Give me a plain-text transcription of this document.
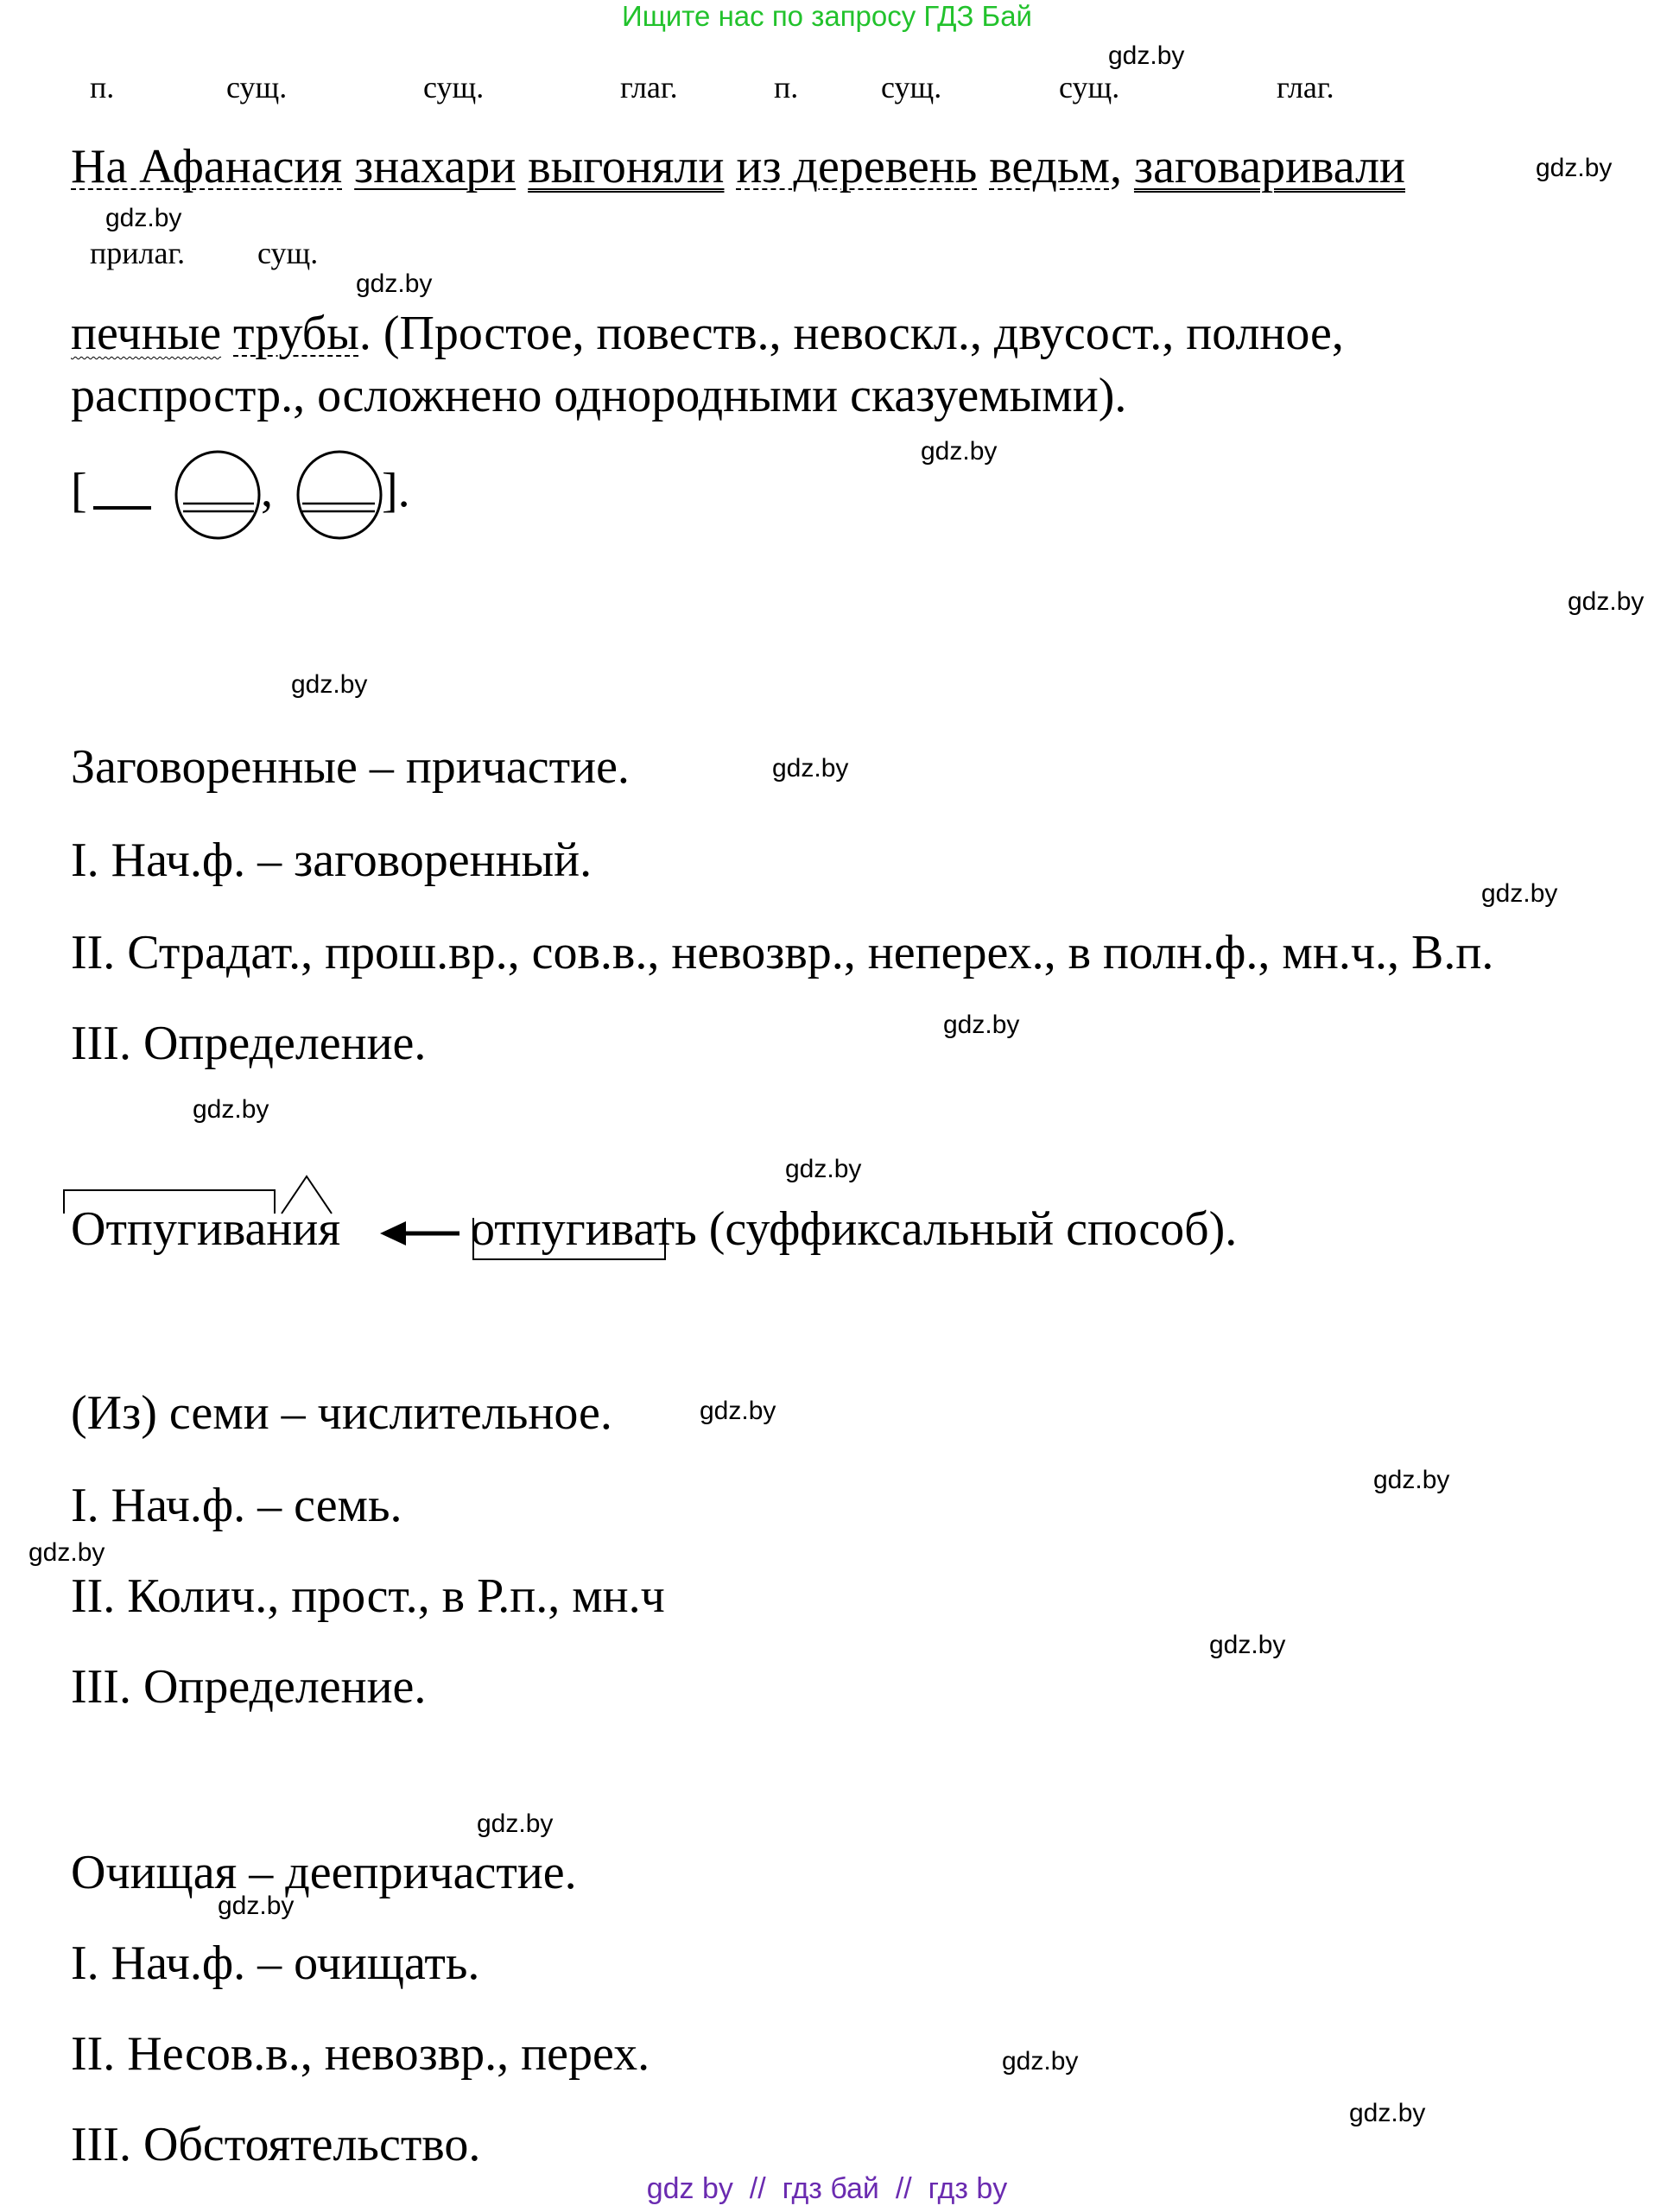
Ищите нас по запросу ГДЗ Бай
gdz.by
gdz.by
gdz.by
gdz.by
gdz.by
gdz.by
gdz.by
gdz.by
gdz.by
gdz.by
gdz.by
gdz.by
gdz.by
gdz.by
gdz.by
gdz.by
gdz.by
gdz.by
gdz.by
gdz.by
п.	сущ.	сущ.	глаг.	п.	сущ.	сущ.	глаг.
На Афанасия знахари выгоняли из деревень ведьм, заговаривали
прилаг. сущ.
печные трубы. (Простое, повеств., невоскл., двусост., полное,
распростр., осложнено однородными сказуемыми).
[	, ].
Заговоренные – причастие.
I. Нач.ф. – заговоренный.
II. Страдат., прош.вр., сов.в., невозвр., неперех., в полн.ф., мн.ч., В.п.
III. Определение.
Отпугивания	отпугивать (суффиксальный способ).
(Из) семи – числительное.
I. Нач.ф. – семь.
II. Колич., прост., в Р.п., мн.ч
III. Определение.
Очищая – деепричастие.
I. Нач.ф. – очищать.
II. Несов.в., невозвр., перех.
III. Обстоятельство.
gdz by  //  гдз бай  //  гдз by
